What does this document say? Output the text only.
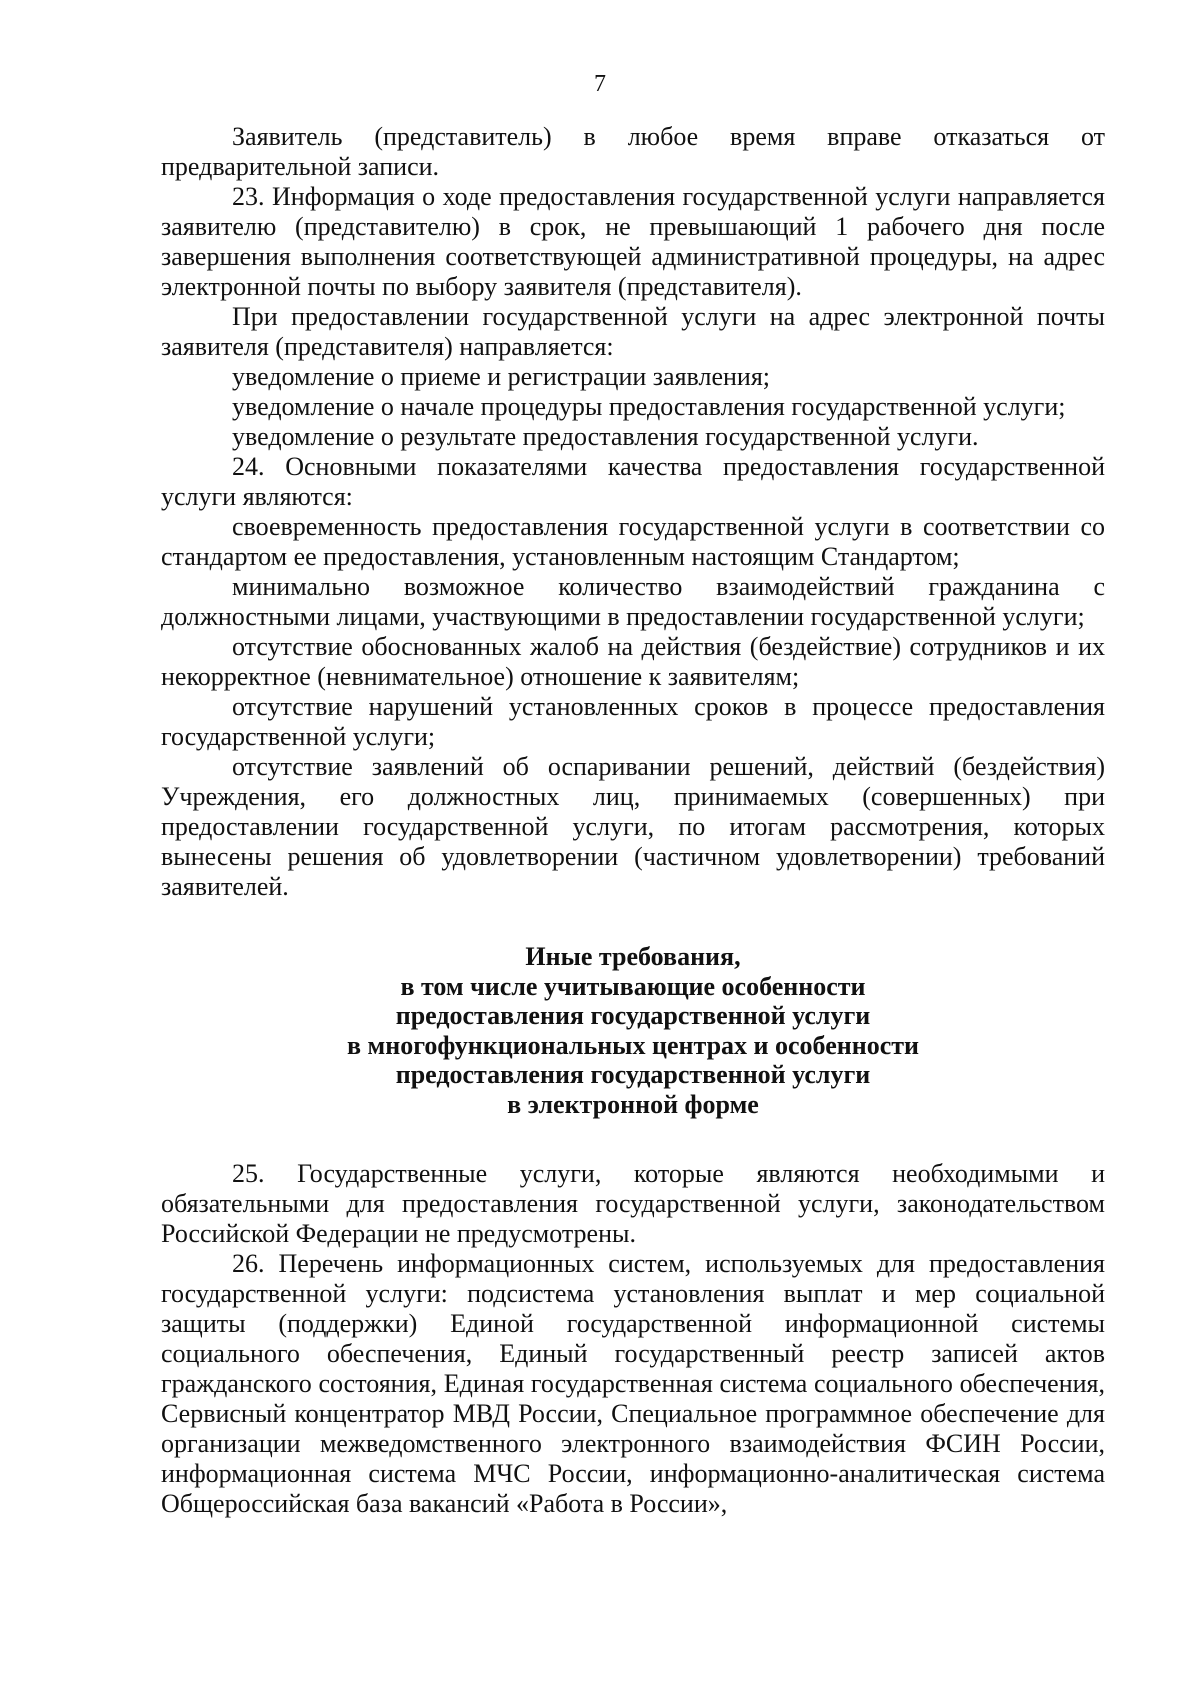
7

Заявитель (представитель) в любое время вправе отказаться от предварительной записи.

23. Информация о ходе предоставления государственной услуги направляется заявителю (представителю) в срок, не превышающий 1 рабочего дня после завершения выполнения соответствующей административной процедуры, на адрес электронной почты по выбору заявителя (представителя).

При предоставлении государственной услуги на адрес электронной почты заявителя (представителя) направляется:

уведомление о приеме и регистрации заявления;

уведомление о начале процедуры предоставления государственной услуги;

уведомление о результате предоставления государственной услуги.

24. Основными показателями качества предоставления государственной услуги являются:

своевременность предоставления государственной услуги в соответствии со стандартом ее предоставления, установленным настоящим Стандартом;

минимально возможное количество взаимодействий гражданина с должностными лицами, участвующими в предоставлении государственной услуги;

отсутствие обоснованных жалоб на действия (бездействие) сотрудников и их некорректное (невнимательное) отношение к заявителям;

отсутствие нарушений установленных сроков в процессе предоставления государственной услуги;

отсутствие заявлений об оспаривании решений, действий (бездействия) Учреждения, его должностных лиц, принимаемых (совершенных) при предоставлении государственной услуги, по итогам рассмотрения, которых вынесены решения об удовлетворении (частичном удовлетворении) требований заявителей.

Иные требования,
в том числе учитывающие особенности
предоставления государственной услуги
в многофункциональных центрах и особенности
предоставления государственной услуги
в электронной форме

25. Государственные услуги, которые являются необходимыми и обязательными для предоставления государственной услуги, законодательством Российской Федерации не предусмотрены.

26. Перечень информационных систем, используемых для предоставления государственной услуги: подсистема установления выплат и мер социальной защиты (поддержки) Единой государственной информационной системы социального обеспечения, Единый государственный реестр записей актов гражданского состояния, Единая государственная система социального обеспечения, Сервисный концентратор МВД России, Специальное программное обеспечение для организации межведомственного электронного взаимодействия ФСИН России, информационная система МЧС России, информационно-аналитическая система Общероссийская база вакансий «Работа в России»,
